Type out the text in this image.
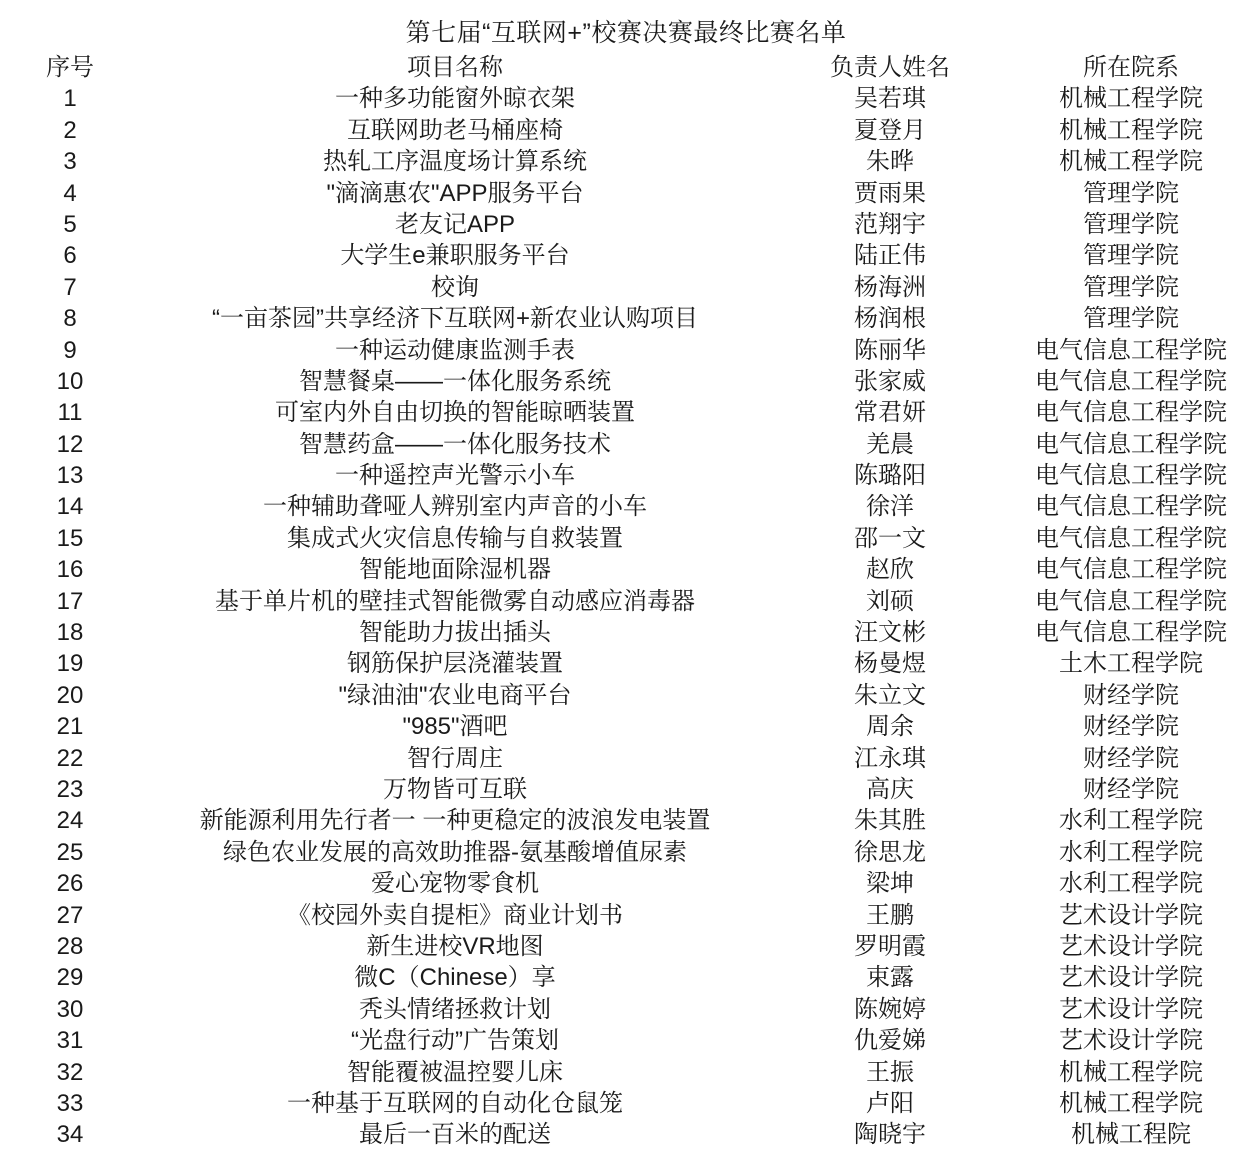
第七届“互联网+”校赛决赛最终比赛名单
序号	项目名称	负责人姓名	所在院系
1	一种多功能窗外晾衣架	吴若琪	机械工程学院
2	互联网助老马桶座椅	夏登月	机械工程学院
3	热轧工序温度场计算系统	朱晔	机械工程学院
4	"滴滴惠农"APP服务平台	贾雨果	管理学院
5	老友记APP	范翔宇	管理学院
6	大学生e兼职服务平台	陆正伟	管理学院
7	校询	杨海洲	管理学院
8	“一亩茶园”共享经济下互联网+新农业认购项目	杨润根	管理学院
9	一种运动健康监测手表	陈丽华	电气信息工程学院
10	智慧餐桌——一体化服务系统	张家威	电气信息工程学院
11	可室内外自由切换的智能晾晒装置	常君妍	电气信息工程学院
12	智慧药盒——一体化服务技术	羌晨	电气信息工程学院
13	一种遥控声光警示小车	陈璐阳	电气信息工程学院
14	一种辅助聋哑人辨别室内声音的小车	徐洋	电气信息工程学院
15	集成式火灾信息传输与自救装置	邵一文	电气信息工程学院
16	智能地面除湿机器	赵欣	电气信息工程学院
17	基于单片机的壁挂式智能微雾自动感应消毒器	刘硕	电气信息工程学院
18	智能助力拔出插头	汪文彬	电气信息工程学院
19	钢筋保护层浇灌装置	杨曼煜	土木工程学院
20	"绿油油"农业电商平台	朱立文	财经学院
21	"985"酒吧	周余	财经学院
22	智行周庄	江永琪	财经学院
23	万物皆可互联	高庆	财经学院
24	新能源利用先行者一 一种更稳定的波浪发电装置	朱其胜	水利工程学院
25	绿色农业发展的高效助推器-氨基酸增值尿素	徐思龙	水利工程学院
26	爱心宠物零食机	梁坤	水利工程学院
27	《校园外卖自提柜》商业计划书	王鹏	艺术设计学院
28	新生进校VR地图	罗明霞	艺术设计学院
29	微C（Chinese）享	束露	艺术设计学院
30	秃头情绪拯救计划	陈婉婷	艺术设计学院
31	“光盘行动”广告策划	仇爱娣	艺术设计学院
32	智能覆被温控婴儿床	王振	机械工程学院
33	一种基于互联网的自动化仓鼠笼	卢阳	机械工程学院
34	最后一百米的配送	陶晓宇	机械工程院
